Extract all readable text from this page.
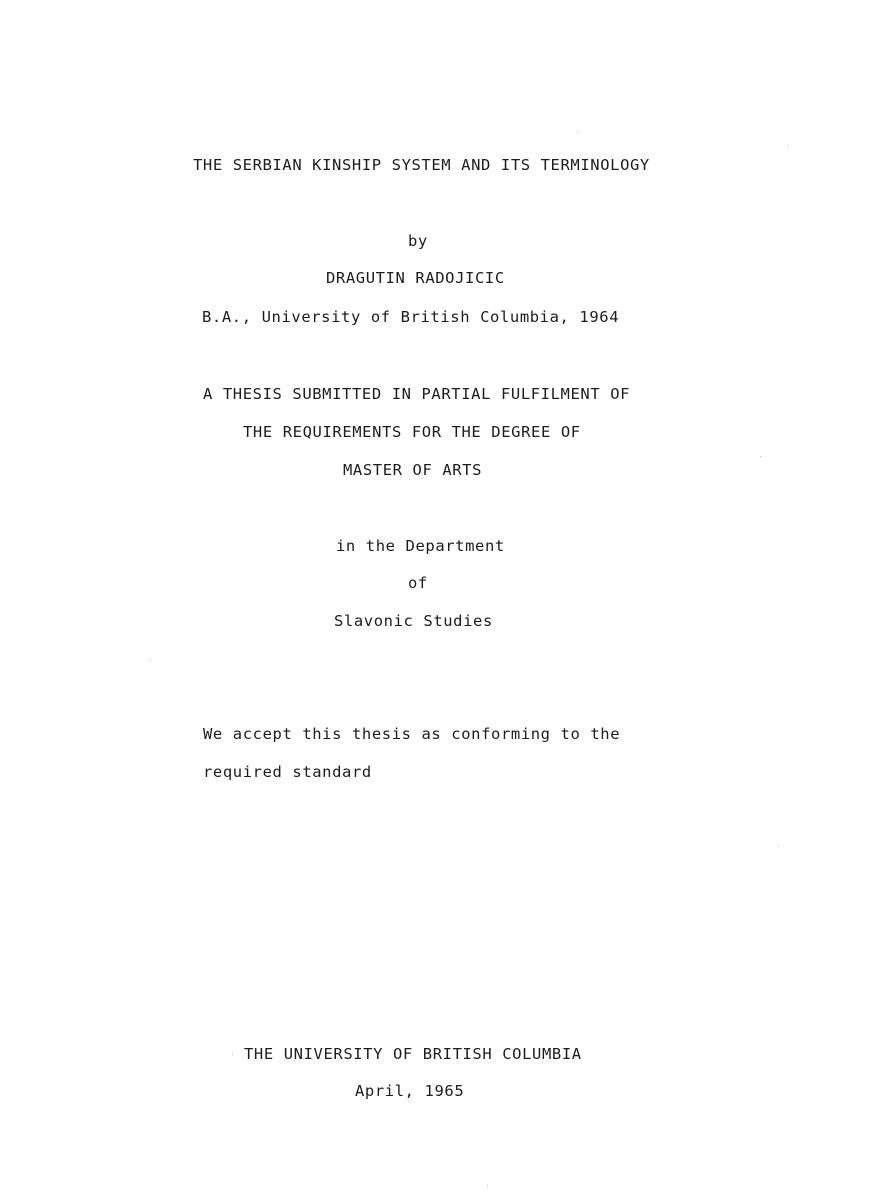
THE SERBIAN KINSHIP SYSTEM AND ITS TERMINOLOGY
by
DRAGUTIN RADOJICIC
B.A., University of British Columbia, 1964
A THESIS SUBMITTED IN PARTIAL FULFILMENT OF
THE REQUIREMENTS FOR THE DEGREE OF
MASTER OF ARTS
in the Department
of
Slavonic Studies
We accept this thesis as conforming to the
required standard
THE UNIVERSITY OF BRITISH COLUMBIA
April, 1965
